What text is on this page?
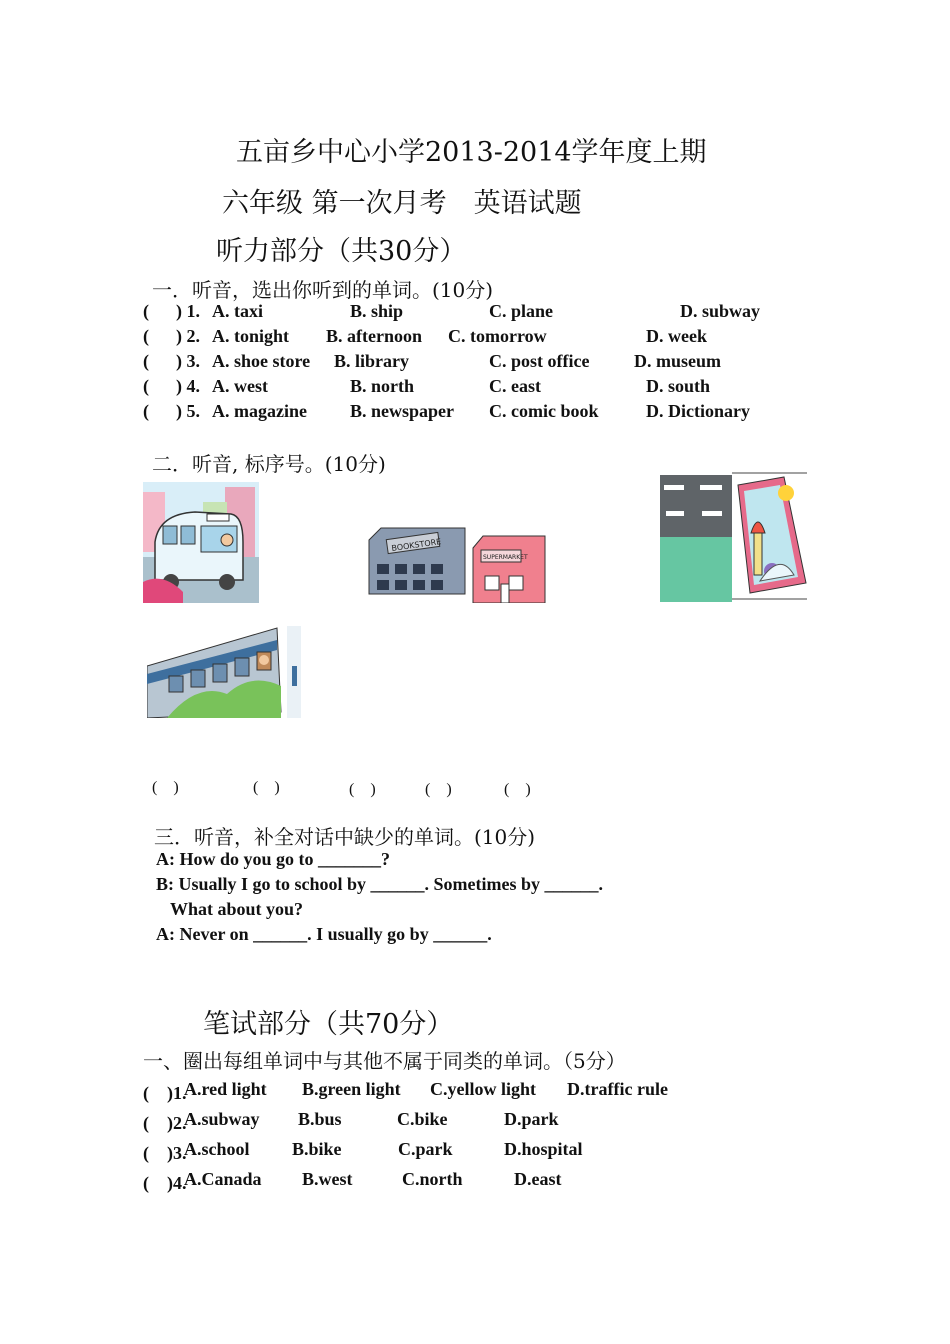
五亩乡中心小学2013-2014学年度上期
六年级 第一次月考　英语试题
听力部分（共30分）
一．听音，选出你听到的单词。(10分)
( ) 1. A. taxi	B. ship	C. plane	D. subway
( ) 2. A. tonight B. afternoon C. tomorrow	D. week
( ) 3. A. shoe store B. library	C. post office D. museum
( ) 4. A. west	B. north	C. east	D. south
( ) 5. A. magazine B. newspaper C. comic book	D. Dictionary
二．听音, 标序号。(10分)
BOOKSTORE
SUPERMARKET
(　)	(　)	(　)	(　)	(　)
三．听音，补全对话中缺少的单词。(10分)
A: How do you go to _______?
B: Usually I go to school by ______. Sometimes by ______.
What about you?
A: Never on ______. I usually go by ______.
笔试部分（共70分）
一、圈出每组单词中与其他不属于同类的单词。（5分）
(　)1.
A.red light B.green light C.yellow light D.traffic rule
(　)2.
A.subway B.bus	C.bike	D.park
(　)3.
A.school B.bike	C.park	D.hospital
(　)4.
A.Canada B.west	C.north	D.east
